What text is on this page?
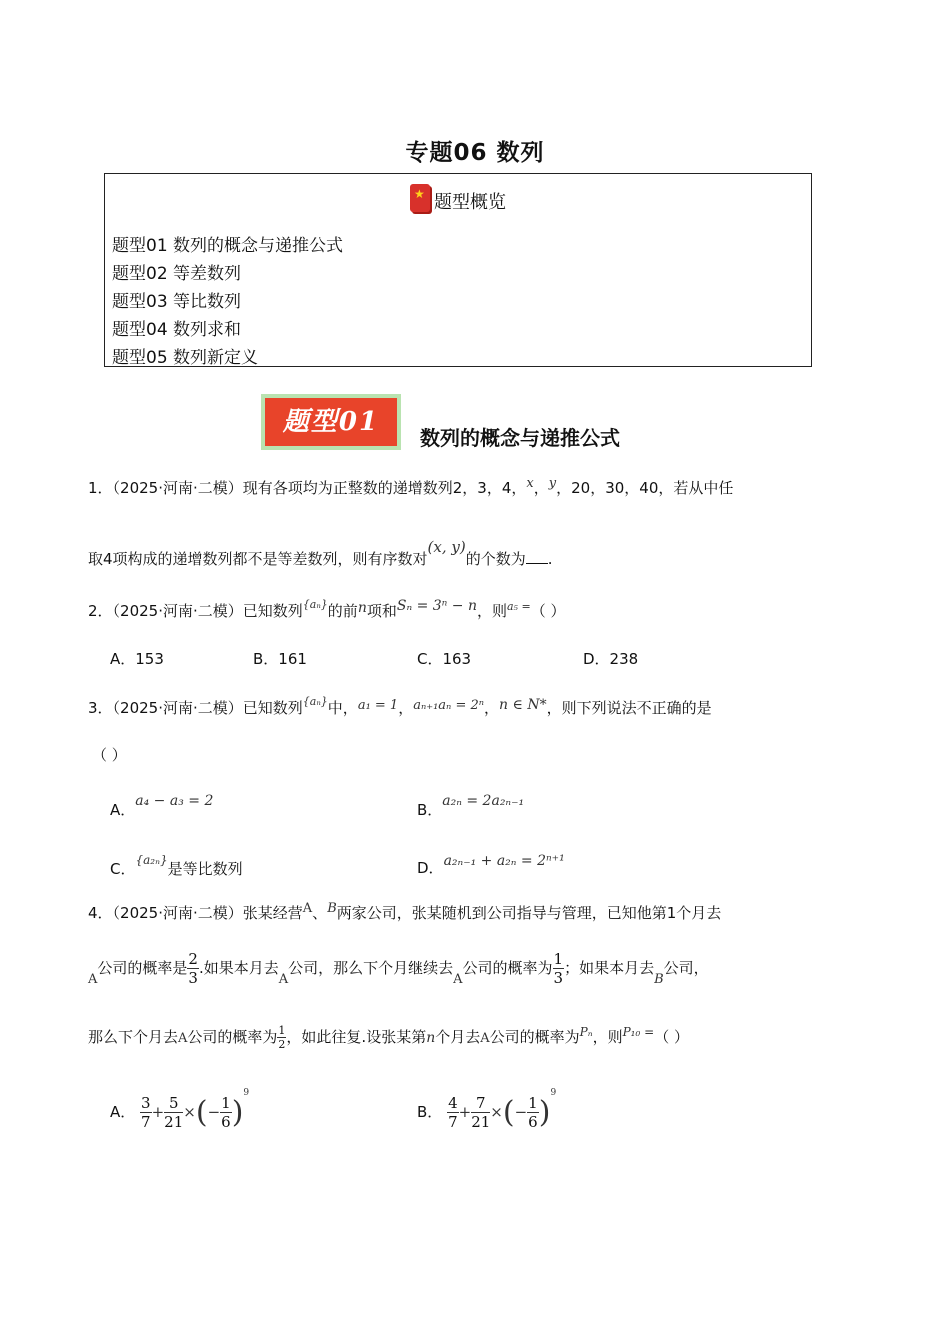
专题06 数列
★题型概览
题型01 数列的概念与递推公式
题型02 等差数列
题型03 等比数列
题型04 数列求和
题型05 数列新定义
题型01
数列的概念与递推公式
1．（2025·河南·二模）现有各项均为正整数的递增数列2，3，4，x，y，20，30，40，若从中任
取4项构成的递增数列都不是等差数列，则有序数对(x, y)的个数为 .
2．（2025·河南·二模）已知数列$^{\{a_n\}}$的前n项和Sₙ = 3ⁿ − n，则$^{a_5 =}$（ ）
A．153	B．161	C．163	D．238
3．（2025·河南·二模）已知数列$^{\{a_n\}}$中，a₁ = 1，aₙ₊₁aₙ = 2ⁿ，n ∈ N*，则下列说法不正确的是
（ ）
A．a₄ − a₃ = 2	B．a₂ₙ = 2a₂ₙ₋₁
C．$^{\{a_{2n}\}}$是等比数列	D．a₂ₙ₋₁ + a₂ₙ = 2ⁿ⁺¹
4．（2025·河南·二模）张某经营A、B两家公司，张某随机到公司指导与管理，已知他第1个月去
A公司的概率是 $\frac{2}{3}$ .如果本月去A公司，那么下个月继续去A公司的概率为 $\frac{1}{3}$ ；如果本月去B公司，
那么下个月去A公司的概率为 $\frac{1}{2}$ ，如此往复.设张某第n个月去A公司的概率为$^{P_n}$，则$^{P_{10} =}$（ ）
A． $\frac{3}{7} + \frac{5}{21}$ ×(− $\frac{1}{6} )^9$
B． $\frac{4}{7} + \frac{7}{21}$ ×(− $\frac{1}{6} )^9$
